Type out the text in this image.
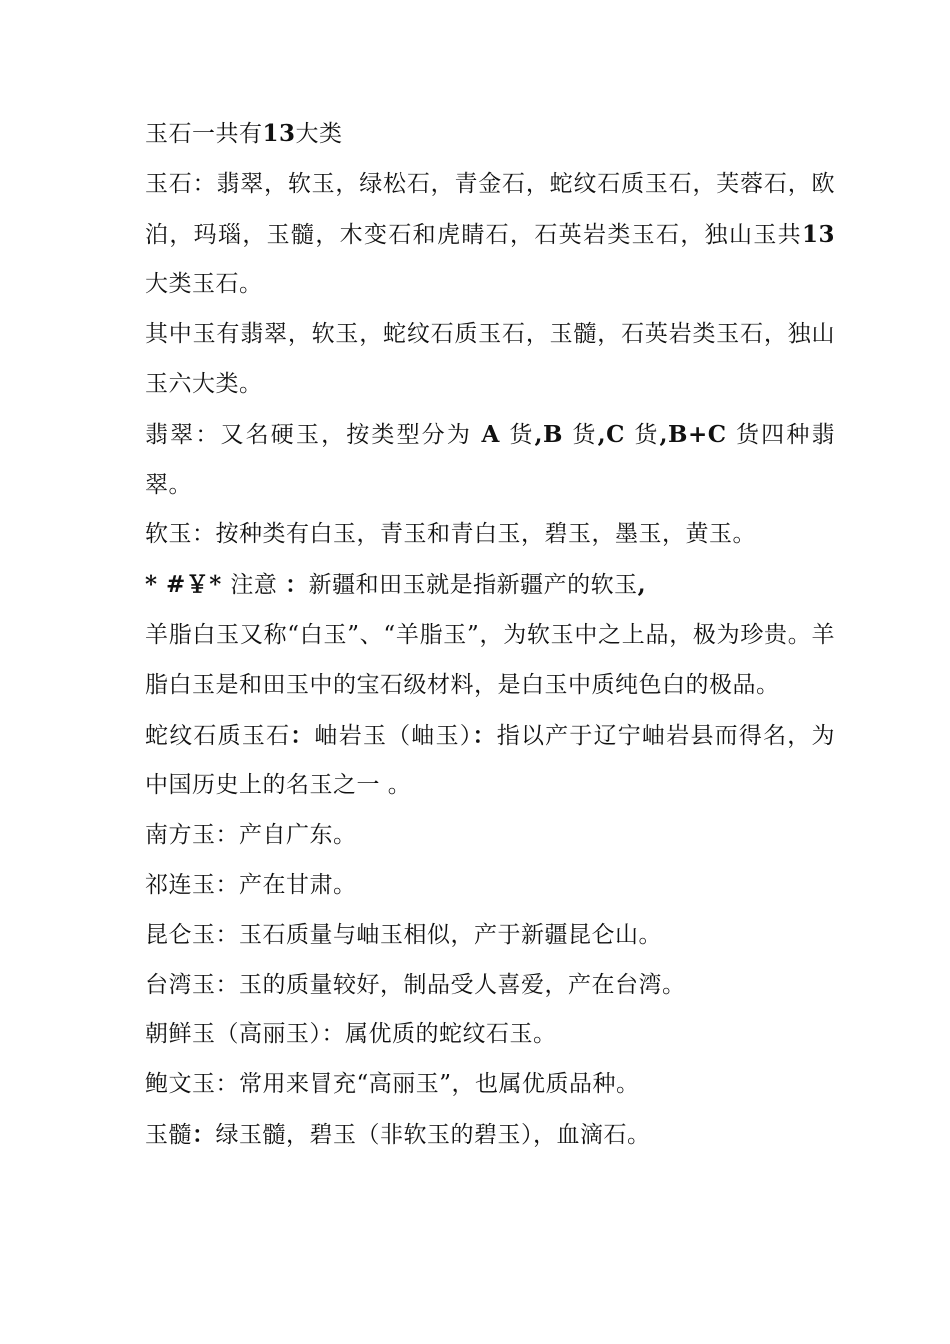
玉石一共有13大类

玉石：翡翠，软玉，绿松石，青金石，蛇纹石质玉石，芙蓉石，欧泊，玛瑙，玉髓，木变石和虎睛石，石英岩类玉石，独山玉共13大类玉石。

其中玉有翡翠，软玉，蛇纹石质玉石，玉髓，石英岩类玉石，独山玉六大类。

翡翠：又名硬玉，按类型分为 A 货,B 货,C 货,B+C 货四种翡翠。

软玉：按种类有白玉，青玉和青白玉，碧玉，墨玉，黄玉。

* #￥* 注意 ：新疆和田玉就是指新疆产的软玉,

羊脂白玉又称“白玉”、“羊脂玉”，为软玉中之上品，极为珍贵。羊脂白玉是和田玉中的宝石级材料，是白玉中质纯色白的极品。

蛇纹石质玉石：岫岩玉（岫玉）：指以产于辽宁岫岩县而得名，为中国历史上的名玉之一 。

南方玉：产自广东。

祁连玉：产在甘肃。

昆仑玉：玉石质量与岫玉相似，产于新疆昆仑山。

台湾玉：玉的质量较好，制品受人喜爱，产在台湾。

朝鲜玉（高丽玉）：属优质的蛇纹石玉。

鲍文玉：常用来冒充“高丽玉”，也属优质品种。

玉髓：绿玉髓，碧玉（非软玉的碧玉），血滴石。
